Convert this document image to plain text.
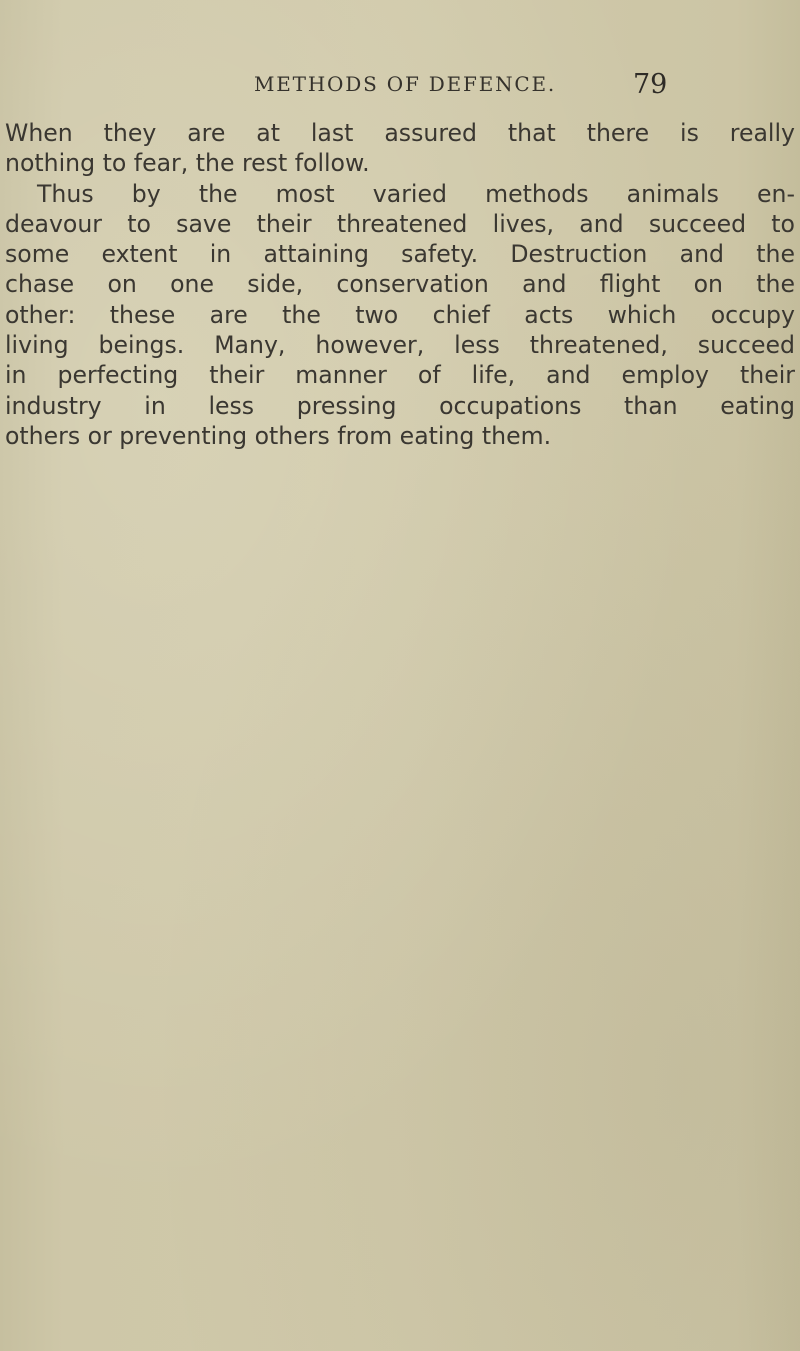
METHODS OF DEFENCE.	79
When they are at last assured that there is really
nothing to fear, the rest follow.
Thus by the most varied methods animals en-
deavour to save their threatened lives, and succeed to
some extent in attaining safety. Destruction and the
chase on one side, conservation and flight on the
other: these are the two chief acts which occupy
living beings. Many, however, less threatened, succeed
in perfecting their manner of life, and employ their
industry in less pressing occupations than eating
others or preventing others from eating them.
